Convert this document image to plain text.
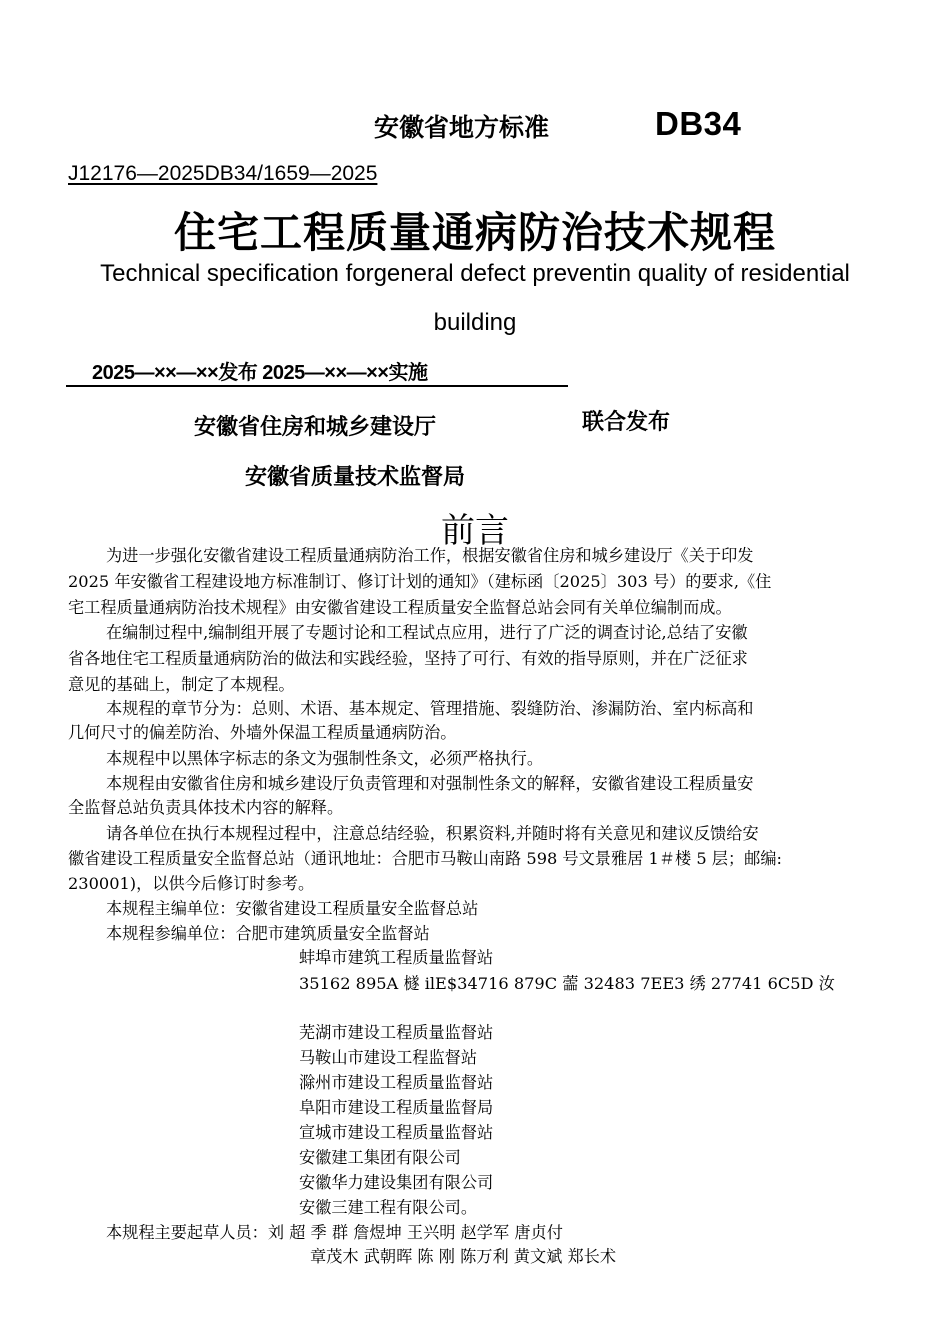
安徽省地方标准	DB34
J12176—2025DB34/1659—2025
住宅工程质量通病防治技术规程
Technical specification forgeneral defect preventin quality of residential
building
2025—××—××发布 2025—××—××实施
安徽省住房和城乡建设厅	联合发布
安徽省质量技术监督局
前言
为进一步强化安徽省建设工程质量通病防治工作，根据安徽省住房和城乡建设厅《关于印发
2025 年安徽省工程建设地方标准制订、修订计划的通知》（建标函〔2025〕303 号）的要求,《住
宅工程质量通病防治技术规程》由安徽省建设工程质量安全监督总站会同有关单位编制而成。
在编制过程中,编制组开展了专题讨论和工程试点应用，进行了广泛的调查讨论,总结了安徽
省各地住宅工程质量通病防治的做法和实践经验，坚持了可行、有效的指导原则，并在广泛征求
意见的基础上，制定了本规程。
本规程的章节分为：总则、术语、基本规定、管理措施、裂缝防治、渗漏防治、室内标高和
几何尺寸的偏差防治、外墙外保温工程质量通病防治。
本规程中以黑体字标志的条文为强制性条文，必须严格执行。
本规程由安徽省住房和城乡建设厅负责管理和对强制性条文的解释，安徽省建设工程质量安
全监督总站负责具体技术内容的解释。
请各单位在执行本规程过程中，注意总结经验，积累资料,并随时将有关意见和建议反馈给安
徽省建设工程质量安全监督总站（通讯地址：合肥市马鞍山南路 598 号文景雅居 1＃楼 5 层；邮编:
230001)，以供今后修订时参考。
本规程主编单位：安徽省建设工程质量安全监督总站
本规程参编单位：合肥市建筑质量安全监督站
蚌埠市建筑工程质量监督站
35162 895A 檖 ilE$34716 879C 蘦 32483 7EE3 绣 27741 6C5D 汝
芜湖市建设工程质量监督站
马鞍山市建设工程监督站
滁州市建设工程质量监督站
阜阳市建设工程质量监督局
宣城市建设工程质量监督站
安徽建工集团有限公司
安徽华力建设集团有限公司
安徽三建工程有限公司。
本规程主要起草人员：刘 超 季 群 詹煜坤 王兴明 赵学军 唐贞付
章茂木 武朝晖 陈 刚 陈万利 黄文斌 郑长术
